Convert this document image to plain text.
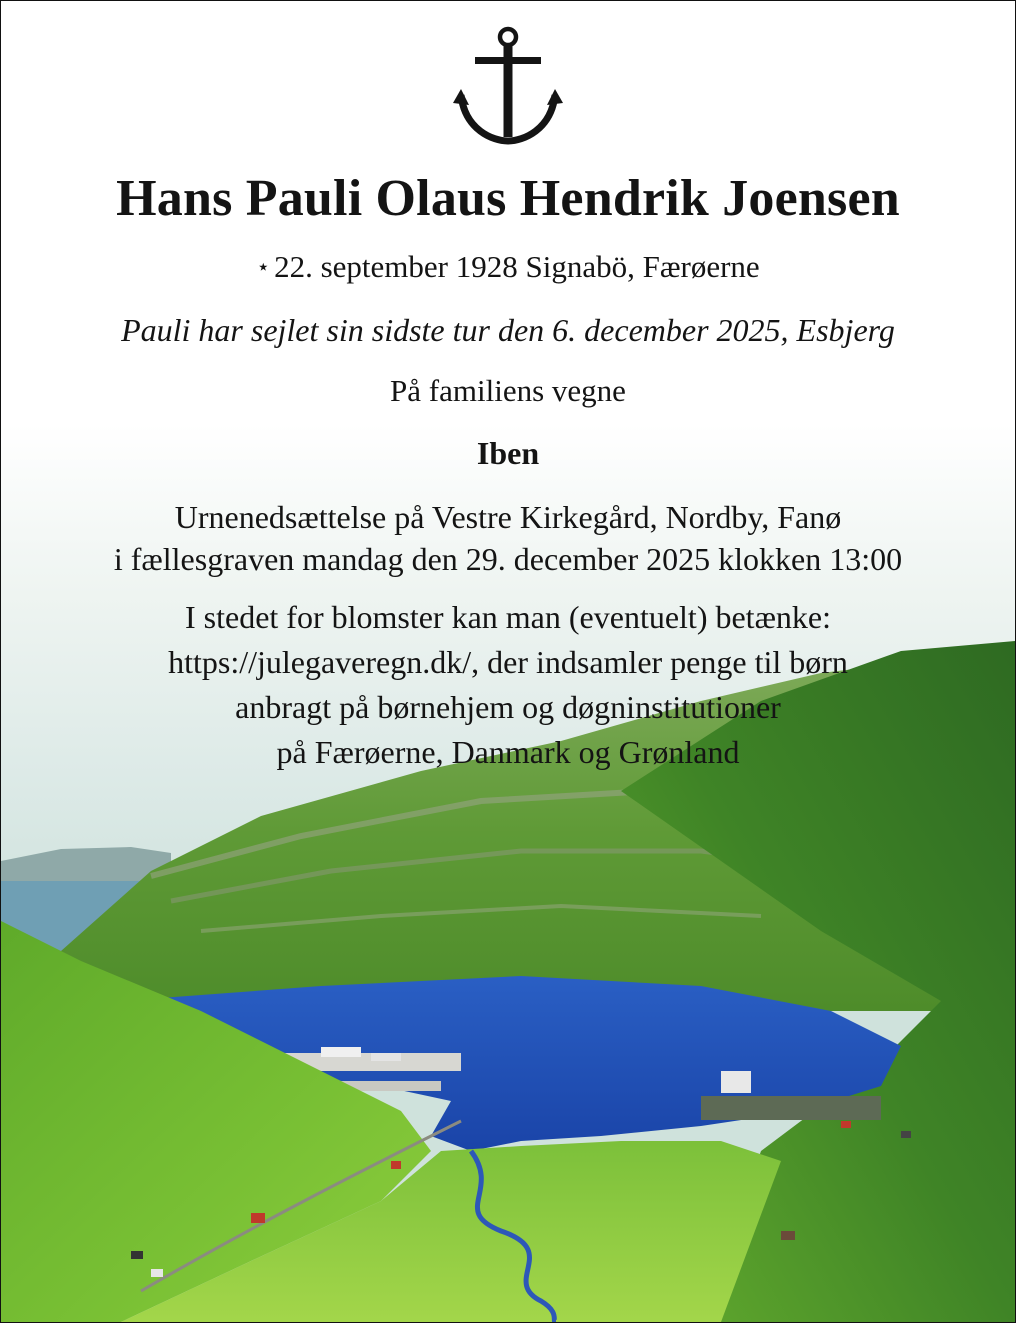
Hans Pauli Olaus Hendrik Joensen
⋆ 22. september 1928 Signabö, Færøerne
Pauli har sejlet sin sidste tur den 6. december 2025, Esbjerg
På familiens vegne
Iben
Urnenedsættelse på Vestre Kirkegård, Nordby, Fanø
i fællesgraven mandag den 29. december 2025 klokken 13:00
I stedet for blomster kan man (eventuelt) betænke:
https://julegaveregn.dk/, der indsamler penge til børn
anbragt på børnehjem og døgninstitutioner
på Færøerne, Danmark og Grønland
